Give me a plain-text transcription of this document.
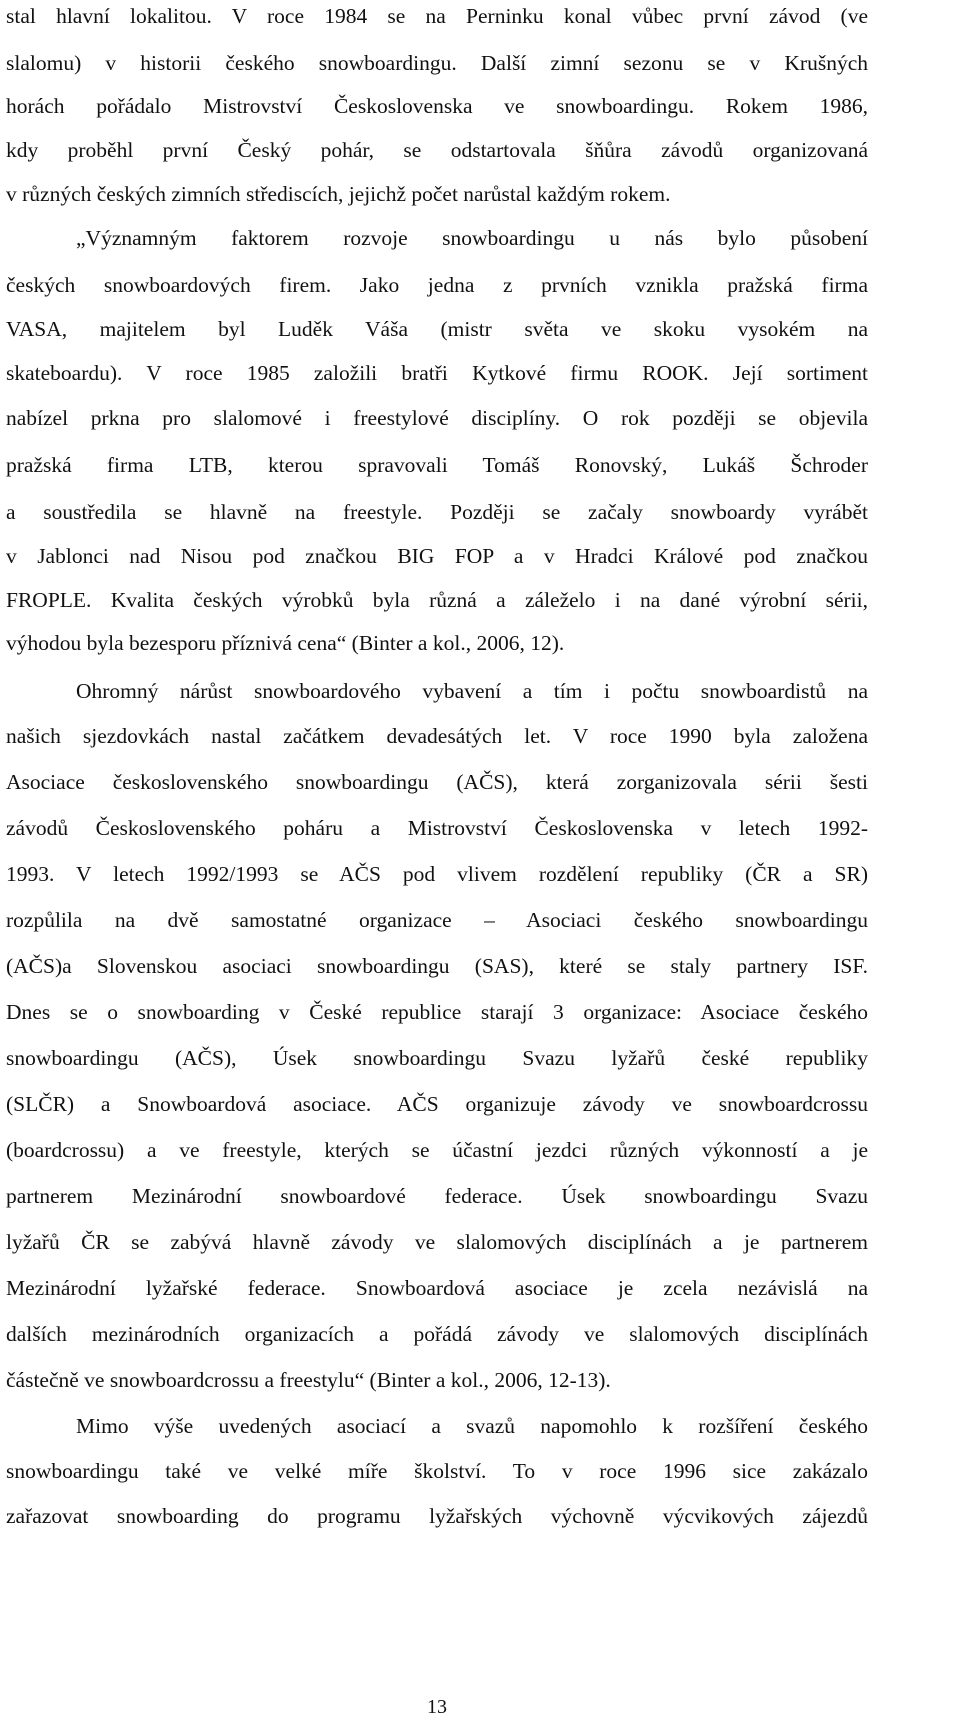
stal hlavní lokalitou. V roce 1984 se na Perninku konal vůbec první závod (ve
slalomu) v historii českého snowboardingu. Další zimní sezonu se v Krušných
horách pořádalo Mistrovství Československa ve snowboardingu. Rokem 1986,
kdy proběhl první Český pohár, se odstartovala šňůra závodů organizovaná
v různých českých zimních střediscích, jejichž počet narůstal každým rokem.
„Významným faktorem rozvoje snowboardingu u nás bylo působení
českých snowboardových firem. Jako jedna z prvních vznikla pražská firma
VASA, majitelem byl Luděk Váša (mistr světa ve skoku vysokém na
skateboardu). V roce 1985 založili bratři Kytkové firmu ROOK. Její sortiment
nabízel prkna pro slalomové i freestylové disciplíny. O rok později se objevila
pražská firma LTB, kterou spravovali Tomáš Ronovský, Lukáš Šchroder
a soustředila se hlavně na freestyle. Později se začaly snowboardy vyrábět
v Jablonci nad Nisou pod značkou BIG FOP a v Hradci Králové pod značkou
FROPLE. Kvalita českých výrobků byla různá a záleželo i na dané výrobní sérii,
výhodou byla bezesporu příznivá cena“ (Binter a kol., 2006, 12).
Ohromný nárůst snowboardového vybavení a tím i počtu snowboardistů na
našich sjezdovkách nastal začátkem devadesátých let. V roce 1990 byla založena
Asociace československého snowboardingu (AČS), která zorganizovala sérii šesti
závodů Československého poháru a Mistrovství Československa v letech 1992-
1993. V letech 1992/1993 se AČS pod vlivem rozdělení republiky (ČR a SR)
rozpůlila na dvě samostatné organizace – Asociaci českého snowboardingu
(AČS)a Slovenskou asociaci snowboardingu (SAS), které se staly partnery ISF.
Dnes se o snowboarding v České republice starají 3 organizace: Asociace českého
snowboardingu (AČS), Úsek snowboardingu Svazu lyžařů české republiky
(SLČR) a Snowboardová asociace. AČS organizuje závody ve snowboardcrossu
(boardcrossu) a ve freestyle, kterých se účastní jezdci různých výkonností a je
partnerem Mezinárodní snowboardové federace. Úsek snowboardingu Svazu
lyžařů ČR se zabývá hlavně závody ve slalomových disciplínách a je partnerem
Mezinárodní lyžařské federace. Snowboardová asociace je zcela nezávislá na
dalších mezinárodních organizacích a pořádá závody ve slalomových disciplínách
částečně ve snowboardcrossu a freestylu“ (Binter a kol., 2006, 12-13).
Mimo výše uvedených asociací a svazů napomohlo k rozšíření českého
snowboardingu také ve velké míře školství. To v roce 1996 sice zakázalo
zařazovat snowboarding do programu lyžařských výchovně výcvikových zájezdů
13
